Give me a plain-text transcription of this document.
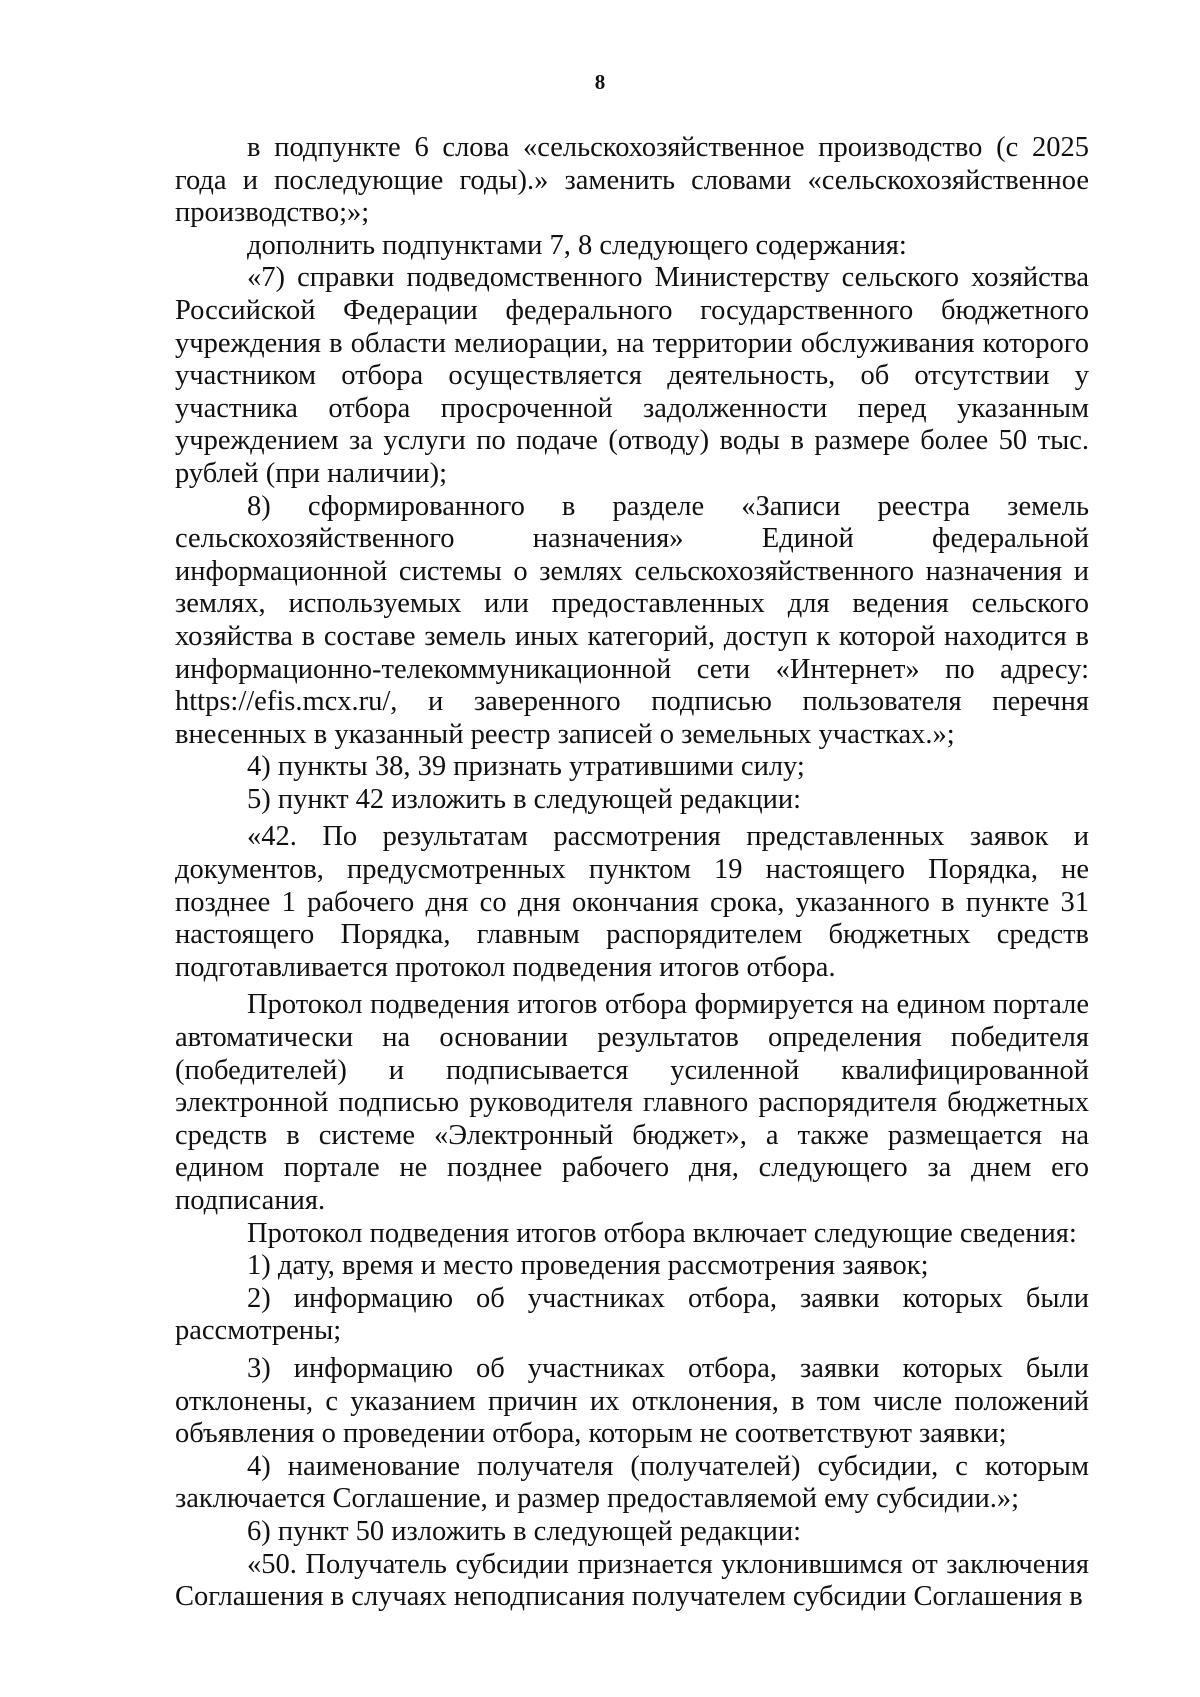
8

в подпункте 6 слова «сельскохозяйственное производство (с 2025 года и последующие годы).» заменить словами «сельскохозяйственное производство;»;

дополнить подпунктами 7, 8 следующего содержания:

«7) справки подведомственного Министерству сельского хозяйства Российской Федерации федерального государственного бюджетного учреждения в области мелиорации, на территории обслуживания которого участником отбора осуществляется деятельность, об отсутствии у участника отбора просроченной задолженности перед указанным учреждением за услуги по подаче (отводу) воды в размере более 50 тыс. рублей (при наличии);

8) сформированного в разделе «Записи реестра земель сельскохозяйственного назначения» Единой федеральной информационной системы о землях сельскохозяйственного назначения и землях, используемых или предоставленных для ведения сельского хозяйства в составе земель иных категорий, доступ к которой находится в информационно-телекоммуникационной сети «Интернет» по адресу: https://efis.mcx.ru/, и заверенного подписью пользователя перечня внесенных в указанный реестр записей о земельных участках.»;

4) пункты 38, 39 признать утратившими силу;

5) пункт 42 изложить в следующей редакции:

«42. По результатам рассмотрения представленных заявок и документов, предусмотренных пунктом 19 настоящего Порядка, не позднее 1 рабочего дня со дня окончания срока, указанного в пункте 31 настоящего Порядка, главным распорядителем бюджетных средств подготавливается протокол подведения итогов отбора.

Протокол подведения итогов отбора формируется на едином портале автоматически на основании результатов определения победителя (победителей) и подписывается усиленной квалифицированной электронной подписью руководителя главного распорядителя бюджетных средств в системе «Электронный бюджет», а также размещается на едином портале не позднее рабочего дня, следующего за днем его подписания.

Протокол подведения итогов отбора включает следующие сведения:

1) дату, время и место проведения рассмотрения заявок;

2) информацию об участниках отбора, заявки которых были рассмотрены;

3) информацию об участниках отбора, заявки которых были отклонены, с указанием причин их отклонения, в том числе положений объявления о проведении отбора, которым не соответствуют заявки;

4) наименование получателя (получателей) субсидии, с которым заключается Соглашение, и размер предоставляемой ему субсидии.»;

6) пункт 50 изложить в следующей редакции:

«50. Получатель субсидии признается уклонившимся от заключения Соглашения в случаях неподписания получателем субсидии Соглашения в
